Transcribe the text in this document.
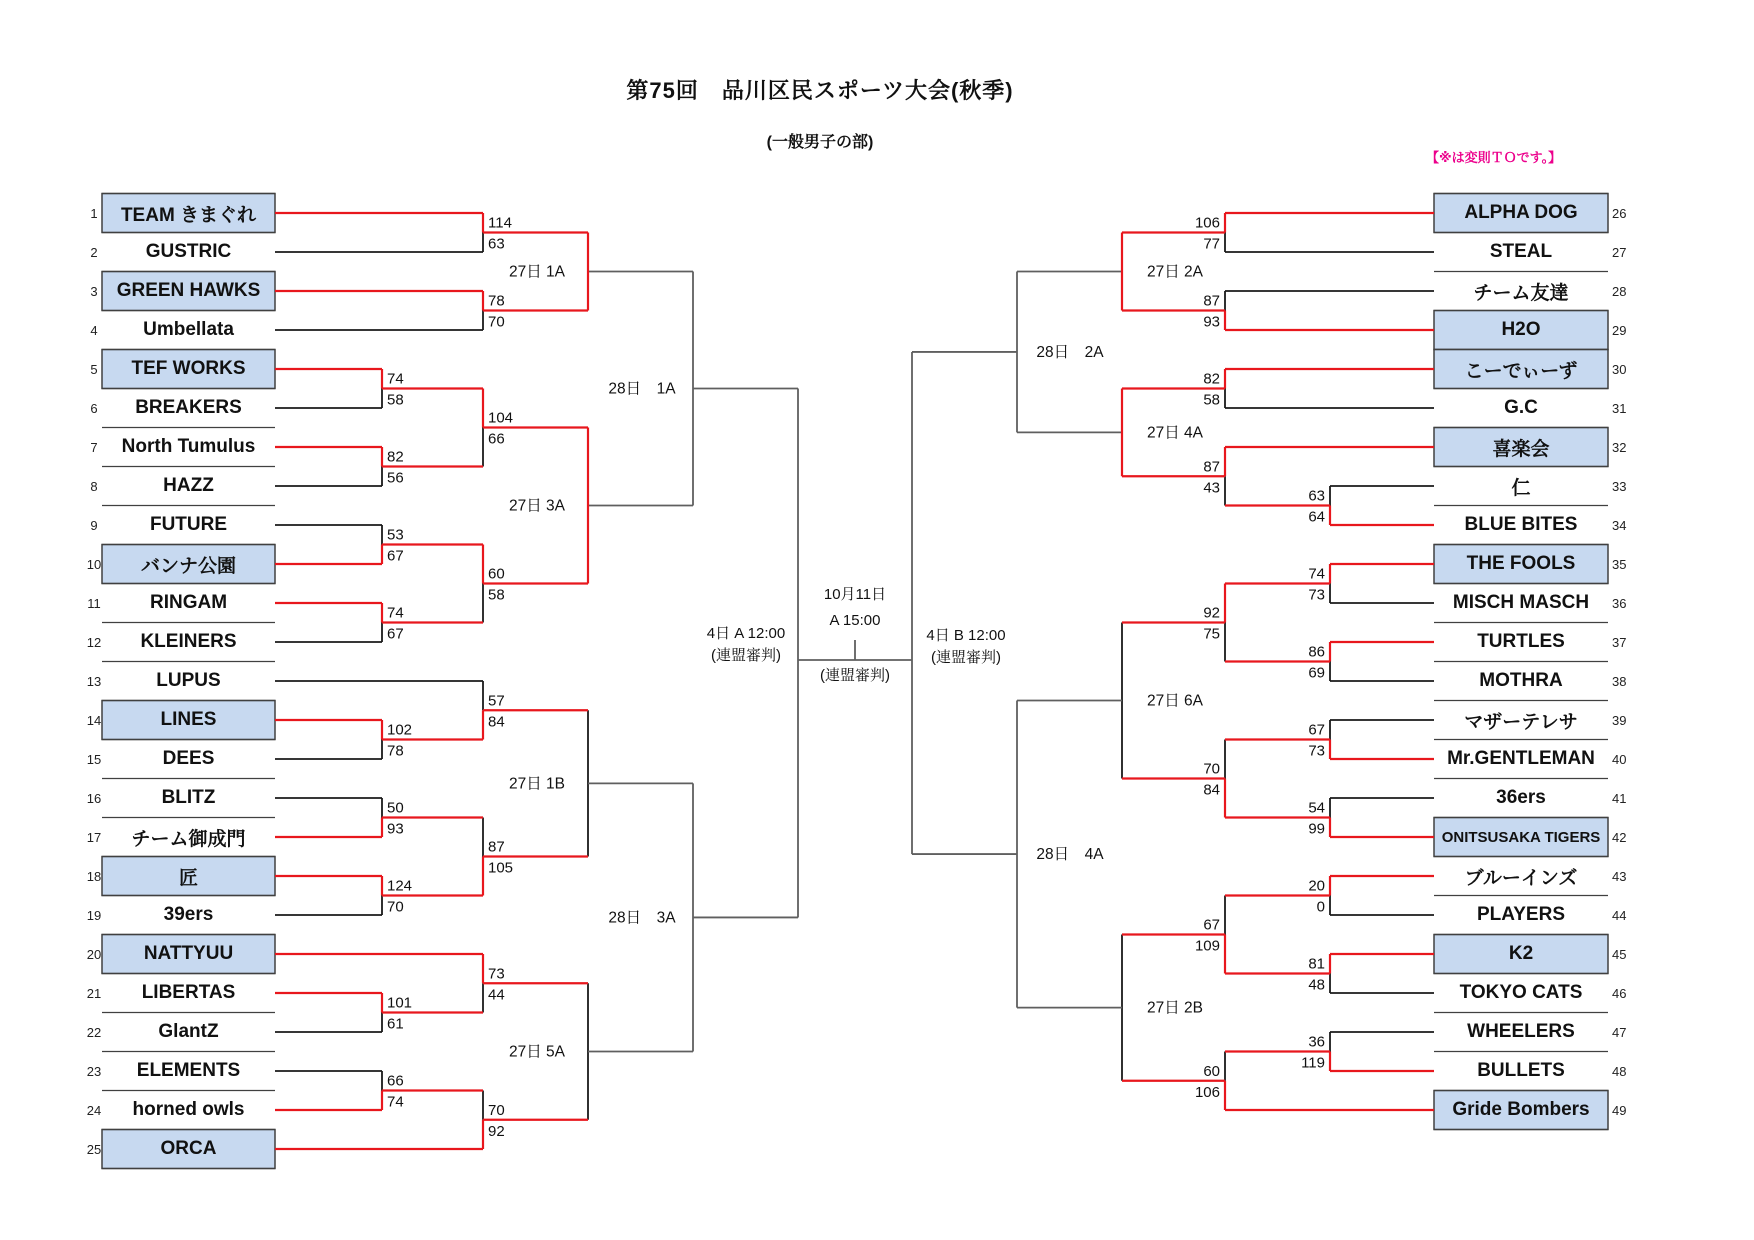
74
58
82
56
53
67
74
67
102
78
50
93
124
70
101
61
66
74
63
64
74
73
86
69
67
73
54
99
20
0
81
48
36
119
114
63
78
70
104
66
60
58
57
84
87
105
73
44
70
92
106
77
87
93
82
58
87
43
92
75
70
84
67
109
60
106
27日 1A
27日 3A
27日 1B
27日 5A
27日 2A
27日 4A
27日 6A
27日 2B
28日　1A
28日　3A
28日　2A
28日　4A
第75回　品川区民スポーツ大会(秋季)
(一般男子の部)
【※は変則ＴＯです。】
4日 A 12:00
(連盟審判)
4日 B 12:00
(連盟審判)
10月11日
A 15:00
(連盟審判)
1	TEAM きまぐれ
2	GUSTRIC
3	GREEN HAWKS
4	Umbellata
5	TEF WORKS
6	BREAKERS
7	North Tumulus
8	HAZZ
9	FUTURE
10	バンナ公園
11	RINGAM
12	KLEINERS
13	LUPUS
14	LINES
15	DEES
16	BLITZ
17	チーム御成門
18	匠
19	39ers
20	NATTYUU
21	LIBERTAS
22	GlantZ
23	ELEMENTS
24	horned owls
25	ORCA
26
ALPHA DOG
27
STEAL
28
チーム友達
29
H2O
30
こーでぃーず
31
G.C
32
喜楽会
33
仁
34
BLUE BITES
35
THE FOOLS
36
MISCH MASCH
37
TURTLES
38
MOTHRA
39
マザーテレサ
40
Mr.GENTLEMAN
41
36ers
42
ONITSUSAKA TIGERS
43
ブルーインズ
44
PLAYERS
45
K2
46
TOKYO CATS
47
WHEELERS
48
BULLETS
49
Gride Bombers
